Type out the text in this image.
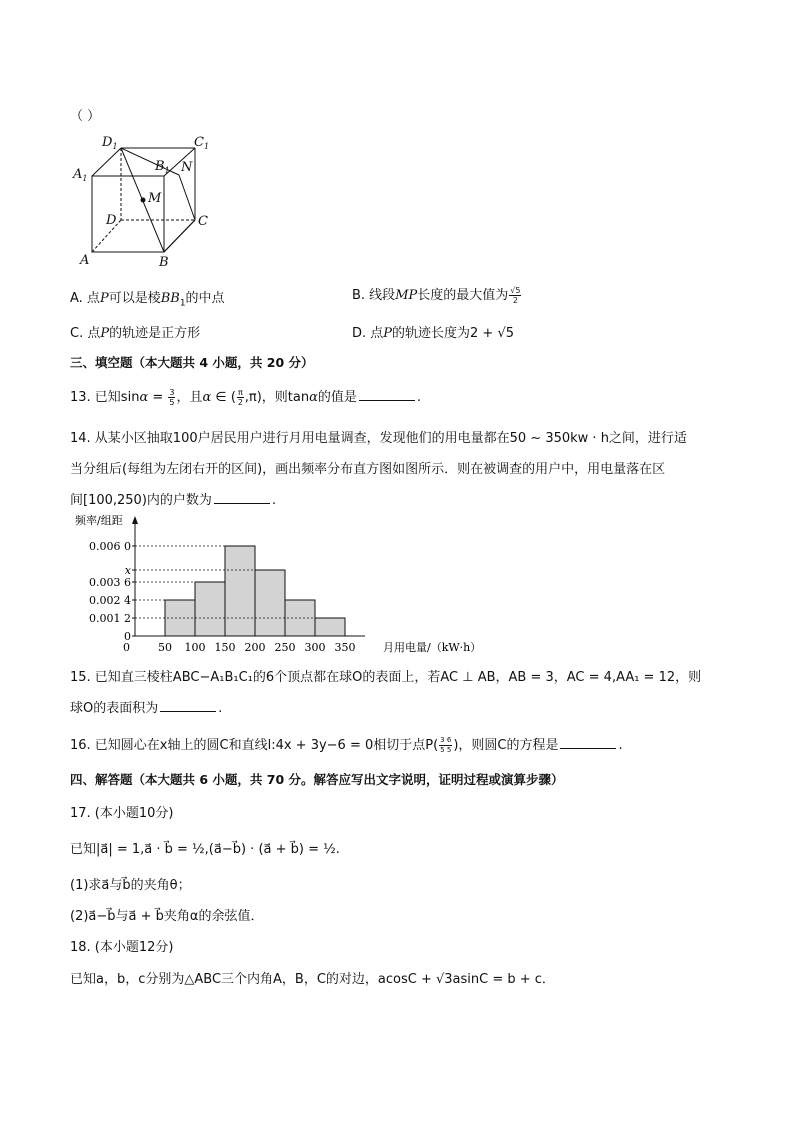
（ ）
$D_1$	$C_1$
$A_1$
$B_1$ N
M
D	C
A	B
A. 点P可以是棱$BB_1$的中点	B. 线段MP长度的最大值为 $\frac{√5}{2}$
C. 点P的轨迹是正方形	D. 点P的轨迹长度为2 + √5
三、填空题（本大题共 4 小题，共 20 分）
13. 已知$\sin\alpha = \frac{3}{5}$ ，且α ∈ ( $\frac{\pi}{2} ,\pi$)，则tanα的值是	.
14. 从某小区抽取100户居民用户进行月用电量调查，发现他们的用电量都在50 ~ 350kw · h之间，进行适
当分组后(每组为左闭右开的区间)，画出频率分布直方图如图所示．则在被调查的用户中，用电量落在区
间[100,250)内的户数为	.
0
0.001 2
0.002 4
0.003 6
x
0.006 0
0	50 100 150 200 250 300 350
频率/组距
月用电量/（kW·h）
15. 已知直三棱柱ABC−A₁B₁C₁的6个顶点都在球O的表面上，若AC ⊥ AB，AB = 3，AC = 4,AA₁ = 12，则
球O的表面积为	.
16. 已知圆心在x轴上的圆C和直线l:4x + 3y−6 = 0相切于点$P( \frac{3 6}{5 5}$ )，则圆C的方程是	.
四、解答题（本大题共 6 小题，共 70 分。解答应写出文字说明，证明过程或演算步骤）
17. (本小题10分)
已知|a⃗| = 1,a⃗ · b⃗ = ½,(a⃗−b⃗) · (a⃗ + b⃗) = ½.
(1)求a⃗与b⃗的夹角θ；
(2)a⃗−b⃗与a⃗ + b⃗夹角α的余弦值．
18. (本小题12分)
已知a，b，c分别为△ABC三个内角A，B，C的对边，acosC + √3asinC = b + c．
